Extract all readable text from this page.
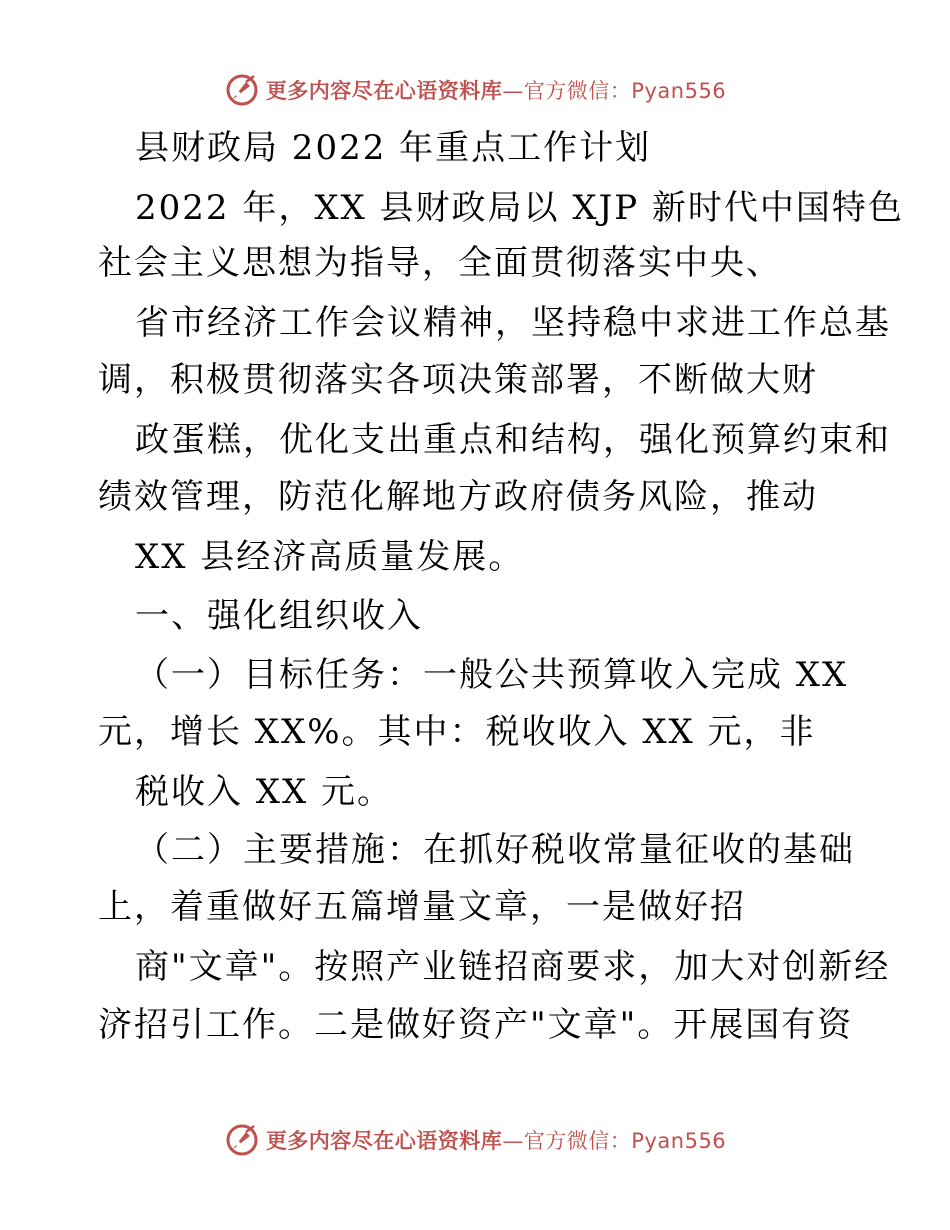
更多内容尽在心语资料库—官方微信：Pyan556
县财政局 2022 年重点工作计划
2022 年，XX 县财政局以 XJP 新时代中国特色
社会主义思想为指导，全面贯彻落实中央、
省市经济工作会议精神，坚持稳中求进工作总基
调，积极贯彻落实各项决策部署，不断做大财
政蛋糕，优化支出重点和结构，强化预算约束和
绩效管理，防范化解地方政府债务风险，推动
XX 县经济高质量发展。
一、强化组织收入
（一）目标任务：一般公共预算收入完成 XX
元，增长 XX%。其中：税收收入 XX 元，非
税收入 XX 元。
（二）主要措施：在抓好税收常量征收的基础
上，着重做好五篇增量文章，一是做好招
商"文章"。按照产业链招商要求，加大对创新经
济招引工作。二是做好资产"文章"。开展国有资
更多内容尽在心语资料库—官方微信：Pyan556
